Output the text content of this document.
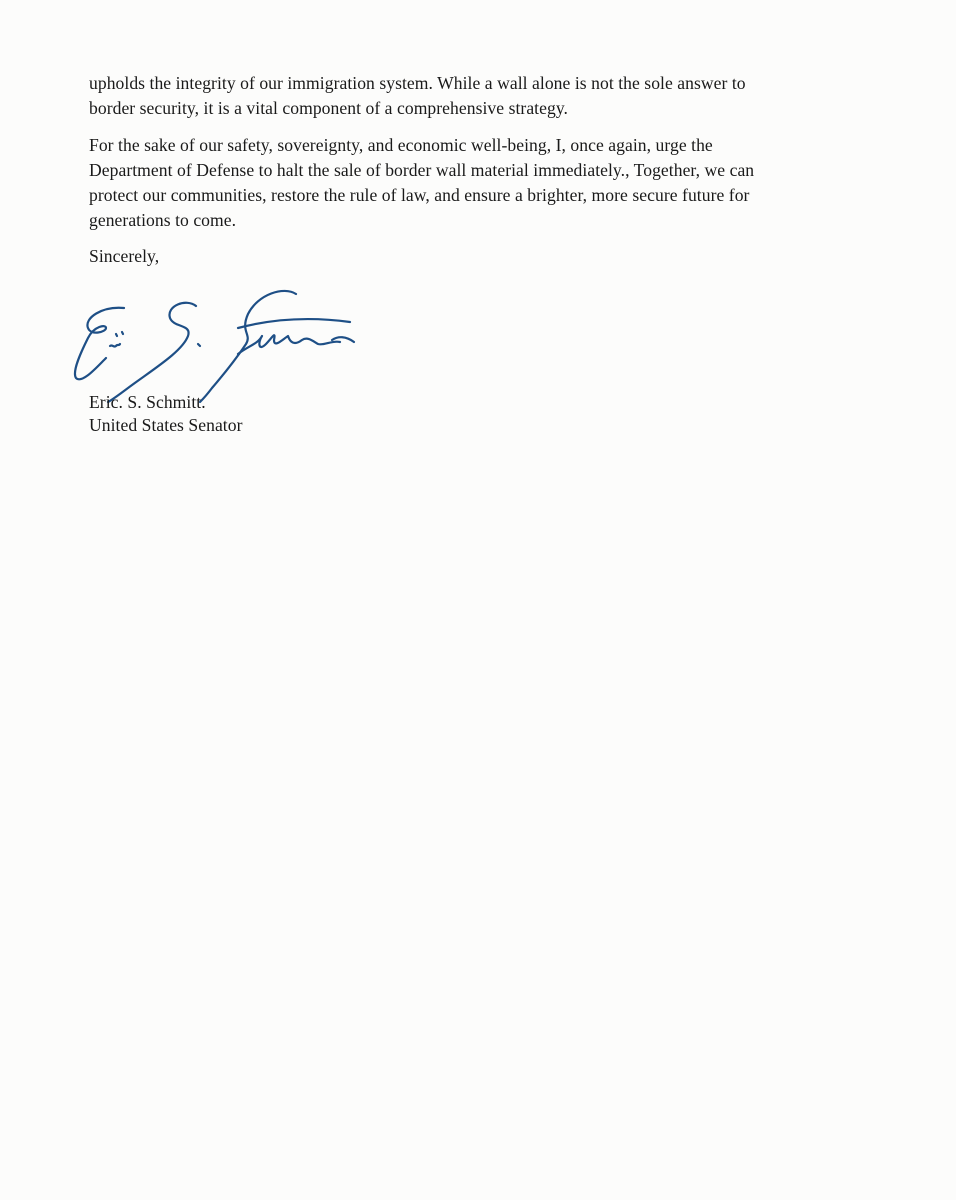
upholds the integrity of our immigration system. While a wall alone is not the sole answer to
border security, it is a vital component of a comprehensive strategy.
For the sake of our safety, sovereignty, and economic well-being, I, once again, urge the
Department of Defense to halt the sale of border wall material immediately., Together, we can
protect our communities, restore the rule of law, and ensure a brighter, more secure future for
generations to come.
Sincerely,
Eric. S. Schmitt.
United States Senator
